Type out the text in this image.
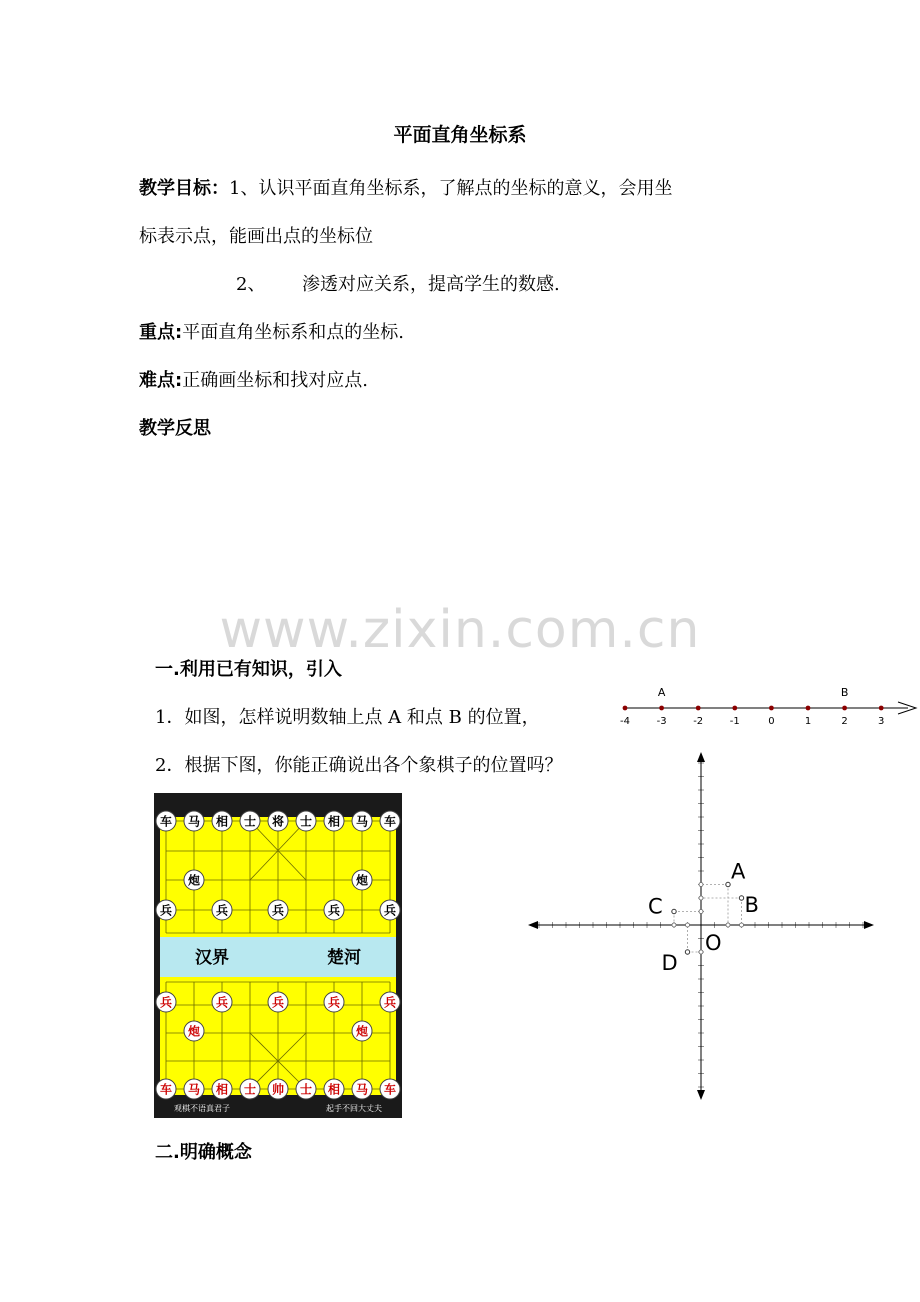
平面直角坐标系
教学目标：1、认识平面直角坐标系，了解点的坐标的意义，会用坐
标表示点，能画出点的坐标位
2、 渗透对应关系，提高学生的数感.
重点:平面直角坐标系和点的坐标.
难点:正确画坐标和找对应点.
教学反思
www.zixin.com.cn
一.利用已有知识，引入
1．如图，怎样说明数轴上点 A 和点 B 的位置，
2．根据下图，你能正确说出各个象棋子的位置吗？
-4	-3	-2	-1	0	1	2	3
A	B
汉界	楚河
车 马 相 士 将 士 相 马 车
炮	炮
兵	兵	兵	兵	兵
兵	兵	兵	兵	兵
炮	炮
车 马 相 士 帅 士 相 马 车
观棋不语真君子	起手不回大丈夫
A
B
C
D
O
二.明确概念
